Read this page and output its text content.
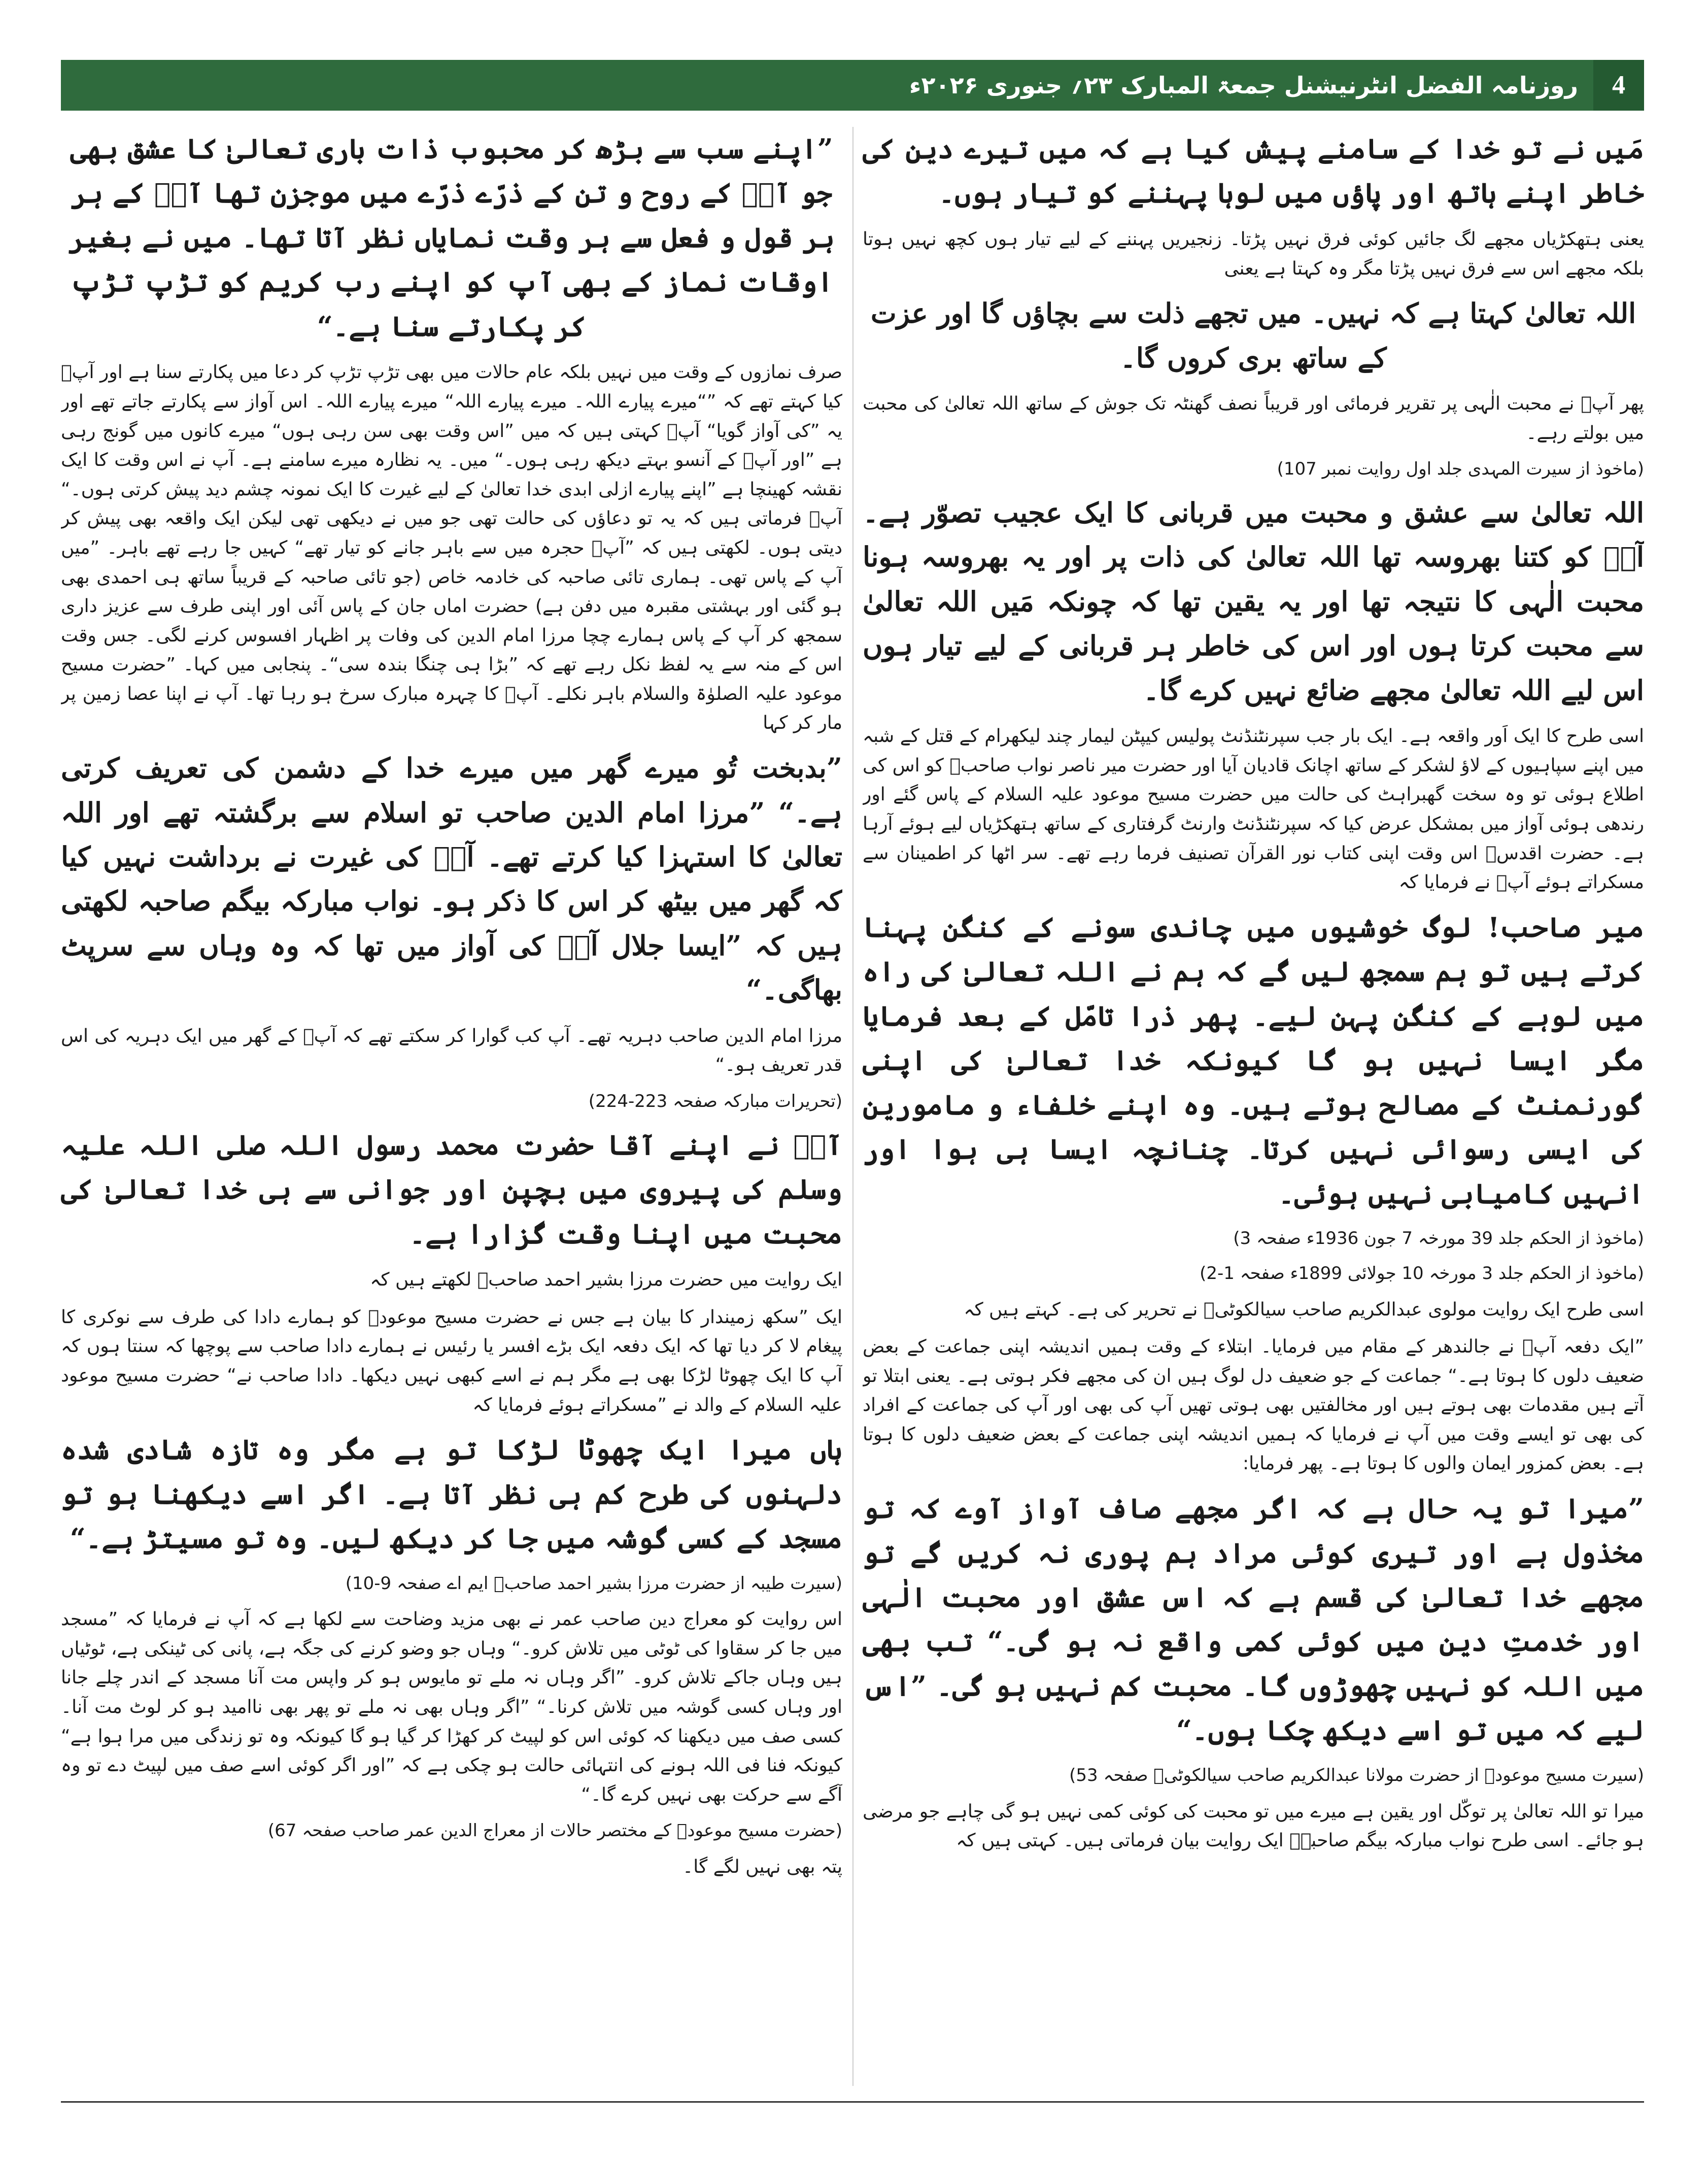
روزنامہ الفضل انٹرنیشنل جمعۃ المبارک ۲۳؍ جنوری ۲۰۲۶ء	4

مَیں نے تو خدا کے سامنے پیش کیا ہے کہ میں تیرے دین کی خاطر اپنے ہاتھ اور پاؤں میں لوہا پہننے کو تیار ہوں۔

یعنی ہتھکڑیاں مجھے لگ جائیں کوئی فرق نہیں پڑتا۔ زنجیریں پہننے کے لیے تیار ہوں کچھ نہیں ہوتا بلکہ مجھے اس سے فرق نہیں پڑتا مگر وہ کہتا ہے یعنی

اللہ تعالیٰ کہتا ہے کہ نہیں۔ میں تجھے ذلت سے بچاؤں گا اور عزت کے ساتھ بری کروں گا۔

پھر آپؑ نے محبت الٰہی پر تقریر فرمائی اور قریباً نصف گھنٹہ تک جوش کے ساتھ اللہ تعالیٰ کی محبت میں بولتے رہے۔

(ماخوذ از سیرت المہدی جلد اول روایت نمبر 107)

اللہ تعالیٰ سے عشق و محبت میں قربانی کا ایک عجیب تصوّر ہے۔ آپؑ کو کتنا بھروسہ تھا اللہ تعالیٰ کی ذات پر اور یہ بھروسہ ہونا محبت الٰہی کا نتیجہ تھا اور یہ یقین تھا کہ چونکہ مَیں اللہ تعالیٰ سے محبت کرتا ہوں اور اس کی خاطر ہر قربانی کے لیے تیار ہوں اس لیے اللہ تعالیٰ مجھے ضائع نہیں کرے گا۔

اسی طرح کا ایک اَور واقعہ ہے۔ ایک بار جب سپرنٹنڈنٹ پولیس کیپٹن لیمار چند لیکھرام کے قتل کے شبہ میں اپنے سپاہیوں کے لاؤ لشکر کے ساتھ اچانک قادیان آیا اور حضرت میر ناصر نواب صاحبؓ کو اس کی اطلاع ہوئی تو وہ سخت گھبراہٹ کی حالت میں حضرت مسیح موعود علیہ السلام کے پاس گئے اور رندھی ہوئی آواز میں بمشکل عرض کیا کہ سپرنٹنڈنٹ وارنٹ گرفتاری کے ساتھ ہتھکڑیاں لیے ہوئے آرہا ہے۔ حضرت اقدسؑ اس وقت اپنی کتاب نور القرآن تصنیف فرما رہے تھے۔ سر اٹھا کر اطمینان سے مسکراتے ہوئے آپؑ نے فرمایا کہ

میر صاحب! لوگ خوشیوں میں چاندی سونے کے کنگن پہنا کرتے ہیں تو ہم سمجھ لیں گے کہ ہم نے اللہ تعالیٰ کی راہ میں لوہے کے کنگن پہن لیے۔ پھر ذرا تامّل کے بعد فرمایا مگر ایسا نہیں ہو گا کیونکہ خدا تعالیٰ کی اپنی گورنمنٹ کے مصالح ہوتے ہیں۔ وہ اپنے خلفاء و مامورین کی ایسی رسوائی نہیں کرتا۔ چنانچہ ایسا ہی ہوا اور انہیں کامیابی نہیں ہوئی۔

(ماخوذ از الحکم جلد 39 مورخہ 7 جون 1936ء صفحہ 3)

(ماخوذ از الحکم جلد 3 مورخہ 10 جولائی 1899ء صفحہ 1-2)

اسی طرح ایک روایت مولوی عبدالکریم صاحب سیالکوٹیؓ نے تحریر کی ہے۔ کہتے ہیں کہ

”ایک دفعہ آپؑ نے جالندھر کے مقام میں فرمایا۔ ابتلاء کے وقت ہمیں اندیشہ اپنی جماعت کے بعض ضعیف دلوں کا ہوتا ہے۔“ جماعت کے جو ضعیف دل لوگ ہیں ان کی مجھے فکر ہوتی ہے۔ یعنی ابتلا تو آتے ہیں مقدمات بھی ہوتے ہیں اور مخالفتیں بھی ہوتی تھیں آپ کی بھی اور آپ کی جماعت کے افراد کی بھی تو ایسے وقت میں آپ نے فرمایا کہ ہمیں اندیشہ اپنی جماعت کے بعض ضعیف دلوں کا ہوتا ہے۔ بعض کمزور ایمان والوں کا ہوتا ہے۔ پھر فرمایا:

”میرا تو یہ حال ہے کہ اگر مجھے صاف آواز آوے کہ تو مخذول ہے اور تیری کوئی مراد ہم پوری نہ کریں گے تو مجھے خدا تعالیٰ کی قسم ہے کہ اس عشق اور محبت الٰہی اور خدمتِ دین میں کوئی کمی واقع نہ ہو گی۔“ تب بھی میں اللہ کو نہیں چھوڑوں گا۔ محبت کم نہیں ہو گی۔ ”اس لیے کہ میں تو اسے دیکھ چکا ہوں۔“

(سیرت مسیح موعودؑ از حضرت مولانا عبدالکریم صاحب سیالکوٹیؓ صفحہ 53)

میرا تو اللہ تعالیٰ پر توکّل اور یقین ہے میرے میں تو محبت کی کوئی کمی نہیں ہو گی چاہے جو مرضی ہو جائے۔ اسی طرح نواب مبارکہ بیگم صاحبہؓ ایک روایت بیان فرماتی ہیں۔ کہتی ہیں کہ

”اپنے سب سے بڑھ کر محبوب ذات باری تعالیٰ کا عشق بھی جو آپؑ کے روح و تن کے ذرّے ذرّے میں موجزن تھا آپؑ کے ہر ہر قول و فعل سے ہر وقت نمایاں نظر آتا تھا۔ میں نے بغیر اوقات نماز کے بھی آپ کو اپنے رب کریم کو تڑپ تڑپ کر پکارتے سنا ہے۔“

صرف نمازوں کے وقت میں نہیں بلکہ عام حالات میں بھی تڑپ تڑپ کر دعا میں پکارتے سنا ہے اور آپؑ کیا کہتے تھے کہ ”“میرے پیارے اللہ۔ میرے پیارے اللہ“ میرے پیارے اللہ۔ اس آواز سے پکارتے جاتے تھے اور یہ ”کی آواز گویا“ آپؑ کہتی ہیں کہ میں ”اس وقت بھی سن رہی ہوں“ میرے کانوں میں گونج رہی ہے ”اور آپؑ کے آنسو بہتے دیکھ رہی ہوں۔“ میں۔ یہ نظارہ میرے سامنے ہے۔ آپ نے اس وقت کا ایک نقشہ کھینچا ہے ”اپنے پیارے ازلی ابدی خدا تعالیٰ کے لیے غیرت کا ایک نمونہ چشم دید پیش کرتی ہوں۔“ آپؓ فرماتی ہیں کہ یہ تو دعاؤں کی حالت تھی جو میں نے دیکھی تھی لیکن ایک واقعہ بھی پیش کر دیتی ہوں۔ لکھتی ہیں کہ ”آپؑ حجرہ میں سے باہر جانے کو تیار تھے“ کہیں جا رہے تھے باہر۔ ”میں آپ کے پاس تھی۔ ہماری تائی صاحبہ کی خادمہ خاص (جو تائی صاحبہ کے قریباً ساتھ ہی احمدی بھی ہو گئی اور بہشتی مقبرہ میں دفن ہے) حضرت اماں جان کے پاس آئی اور اپنی طرف سے عزیز داری سمجھ کر آپ کے پاس ہمارے چچا مرزا امام الدین کی وفات پر اظہار افسوس کرنے لگی۔ جس وقت اس کے منہ سے یہ لفظ نکل رہے تھے کہ ”بڑا ہی چنگا بندہ سی“۔ پنجابی میں کہا۔ ”حضرت مسیح موعود علیہ الصلوٰۃ والسلام باہر نکلے۔ آپؑ کا چہرہ مبارک سرخ ہو رہا تھا۔ آپ نے اپنا عصا زمین پر مار کر کہا

”بدبخت تُو میرے گھر میں میرے خدا کے دشمن کی تعریف کرتی ہے۔“ ”مرزا امام الدین صاحب تو اسلام سے برگشتہ تھے اور اللہ تعالیٰ کا استہزا کیا کرتے تھے۔ آپؑ کی غیرت نے برداشت نہیں کیا کہ گھر میں بیٹھ کر اس کا ذکر ہو۔ نواب مبارکہ بیگم صاحبہ لکھتی ہیں کہ ”ایسا جلال آپؑ کی آواز میں تھا کہ وہ وہاں سے سرپٹ بھاگی۔“

مرزا امام الدین صاحب دہریہ تھے۔ آپ کب گوارا کر سکتے تھے کہ آپؑ کے گھر میں ایک دہریہ کی اس قدر تعریف ہو۔“

(تحریرات مبارکہ صفحہ 223-224)

آپؑ نے اپنے آقا حضرت محمد رسول اللہ صلی اللہ علیہ وسلم کی پیروی میں بچپن اور جوانی سے ہی خدا تعالیٰ کی محبت میں اپنا وقت گزارا ہے۔

ایک روایت میں حضرت مرزا بشیر احمد صاحبؓ لکھتے ہیں کہ

ایک ”سکھ زمیندار کا بیان ہے جس نے حضرت مسیح موعودؑ کو ہمارے دادا کی طرف سے نوکری کا پیغام لا کر دیا تھا کہ ایک دفعہ ایک بڑے افسر یا رئیس نے ہمارے دادا صاحب سے پوچھا کہ سنتا ہوں کہ آپ کا ایک چھوٹا لڑکا بھی ہے مگر ہم نے اسے کبھی نہیں دیکھا۔ دادا صاحب نے“ حضرت مسیح موعود علیہ السلام کے والد نے ”مسکراتے ہوئے فرمایا کہ

ہاں میرا ایک چھوٹا لڑکا تو ہے مگر وہ تازہ شادی شدہ دلہنوں کی طرح کم ہی نظر آتا ہے۔ اگر اسے دیکھنا ہو تو مسجد کے کسی گوشہ میں جا کر دیکھ لیں۔ وہ تو مسیتڑ ہے۔“

(سیرت طیبہ از حضرت مرزا بشیر احمد صاحبؓ ایم اے صفحہ 9-10)

اس روایت کو معراج دین صاحب عمر نے بھی مزید وضاحت سے لکھا ہے کہ آپ نے فرمایا کہ ”مسجد میں جا کر سقاوا کی ٹوٹی میں تلاش کرو۔“ وہاں جو وضو کرنے کی جگہ ہے، پانی کی ٹینکی ہے، ٹوٹیاں ہیں وہاں جاکے تلاش کرو۔ ”اگر وہاں نہ ملے تو مایوس ہو کر واپس مت آنا مسجد کے اندر چلے جانا اور وہاں کسی گوشہ میں تلاش کرنا۔“ ”اگر وہاں بھی نہ ملے تو پھر بھی ناامید ہو کر لوٹ مت آنا۔ کسی صف میں دیکھنا کہ کوئی اس کو لپیٹ کر کھڑا کر گیا ہو گا کیونکہ وہ تو زندگی میں مرا ہوا ہے“ کیونکہ فنا فی اللہ ہونے کی انتہائی حالت ہو چکی ہے کہ ”اور اگر کوئی اسے صف میں لپیٹ دے تو وہ آگے سے حرکت بھی نہیں کرے گا۔“

(حضرت مسیح موعودؑ کے مختصر حالات از معراج الدین عمر صاحب صفحہ 67)

پتہ بھی نہیں لگے گا۔
